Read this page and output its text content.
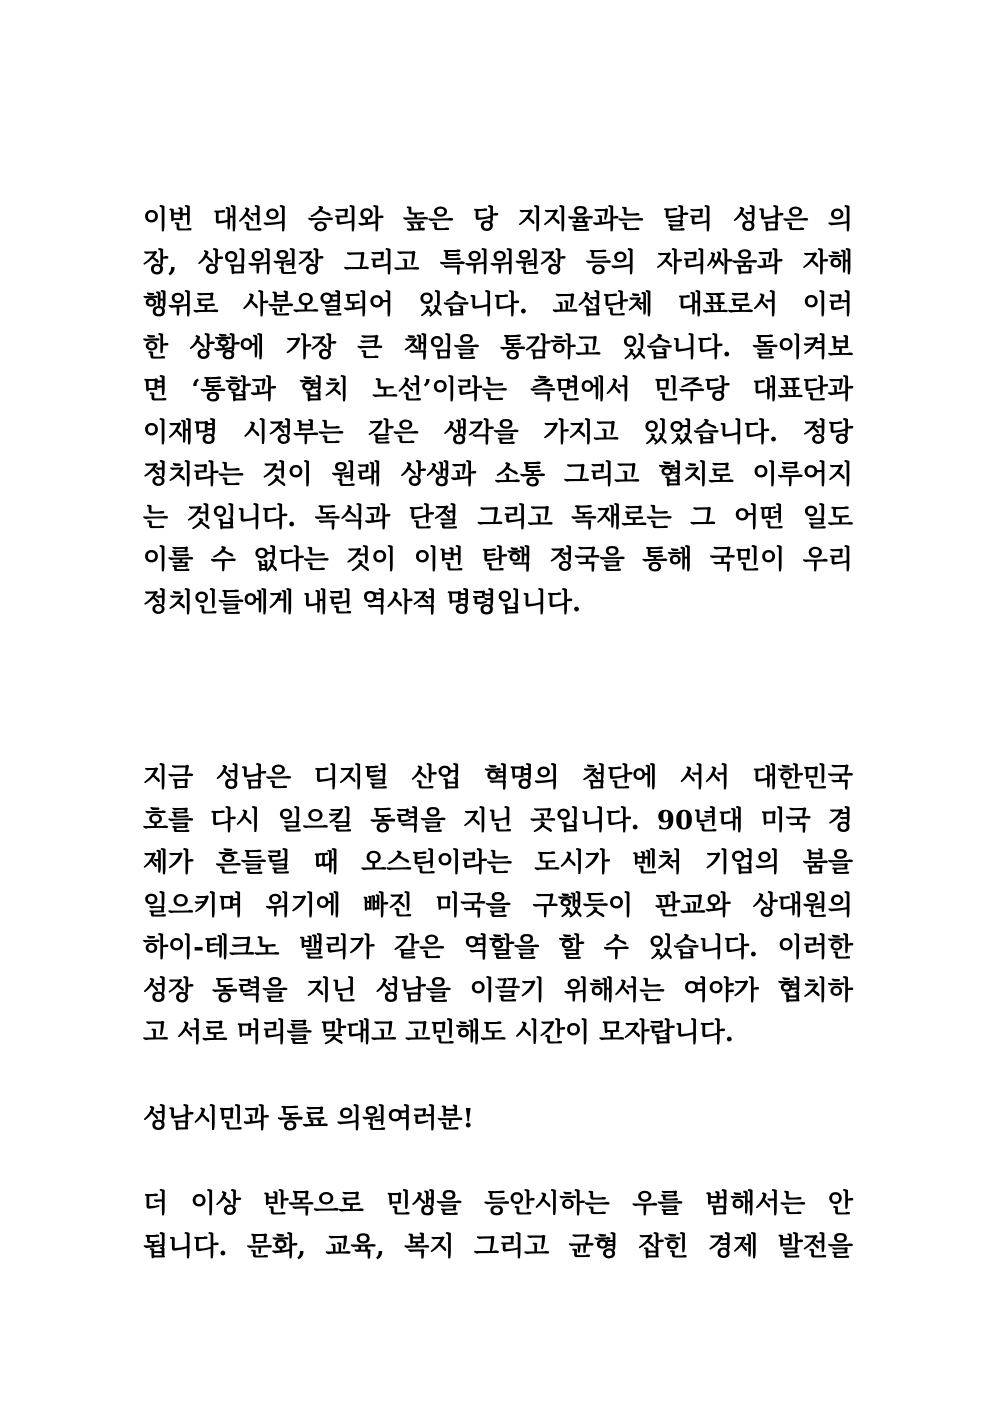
이번 대선의 승리와 높은 당 지지율과는 달리 성남은 의
장, 상임위원장 그리고 특위위원장 등의 자리싸움과 자해
행위로 사분오열되어 있습니다. 교섭단체 대표로서 이러
한 상황에 가장 큰 책임을 통감하고 있습니다. 돌이켜보
면 ‘통합과 협치 노선’이라는 측면에서 민주당 대표단과
이재명 시정부는 같은 생각을 가지고 있었습니다. 정당
정치라는 것이 원래 상생과 소통 그리고 협치로 이루어지
는 것입니다. 독식과 단절 그리고 독재로는 그 어떤 일도
이룰 수 없다는 것이 이번 탄핵 정국을 통해 국민이 우리
정치인들에게 내린 역사적 명령입니다.
지금 성남은 디지털 산업 혁명의 첨단에 서서 대한민국
호를 다시 일으킬 동력을 지닌 곳입니다. 90년대 미국 경
제가 흔들릴 때 오스틴이라는 도시가 벤처 기업의 붐을
일으키며 위기에 빠진 미국을 구했듯이 판교와 상대원의
하이-테크노 밸리가 같은 역할을 할 수 있습니다. 이러한
성장 동력을 지닌 성남을 이끌기 위해서는 여야가 협치하
고 서로 머리를 맞대고 고민해도 시간이 모자랍니다.
성남시민과 동료 의원여러분!
더 이상 반목으로 민생을 등안시하는 우를 범해서는 안
됩니다. 문화, 교육, 복지 그리고 균형 잡힌 경제 발전을
